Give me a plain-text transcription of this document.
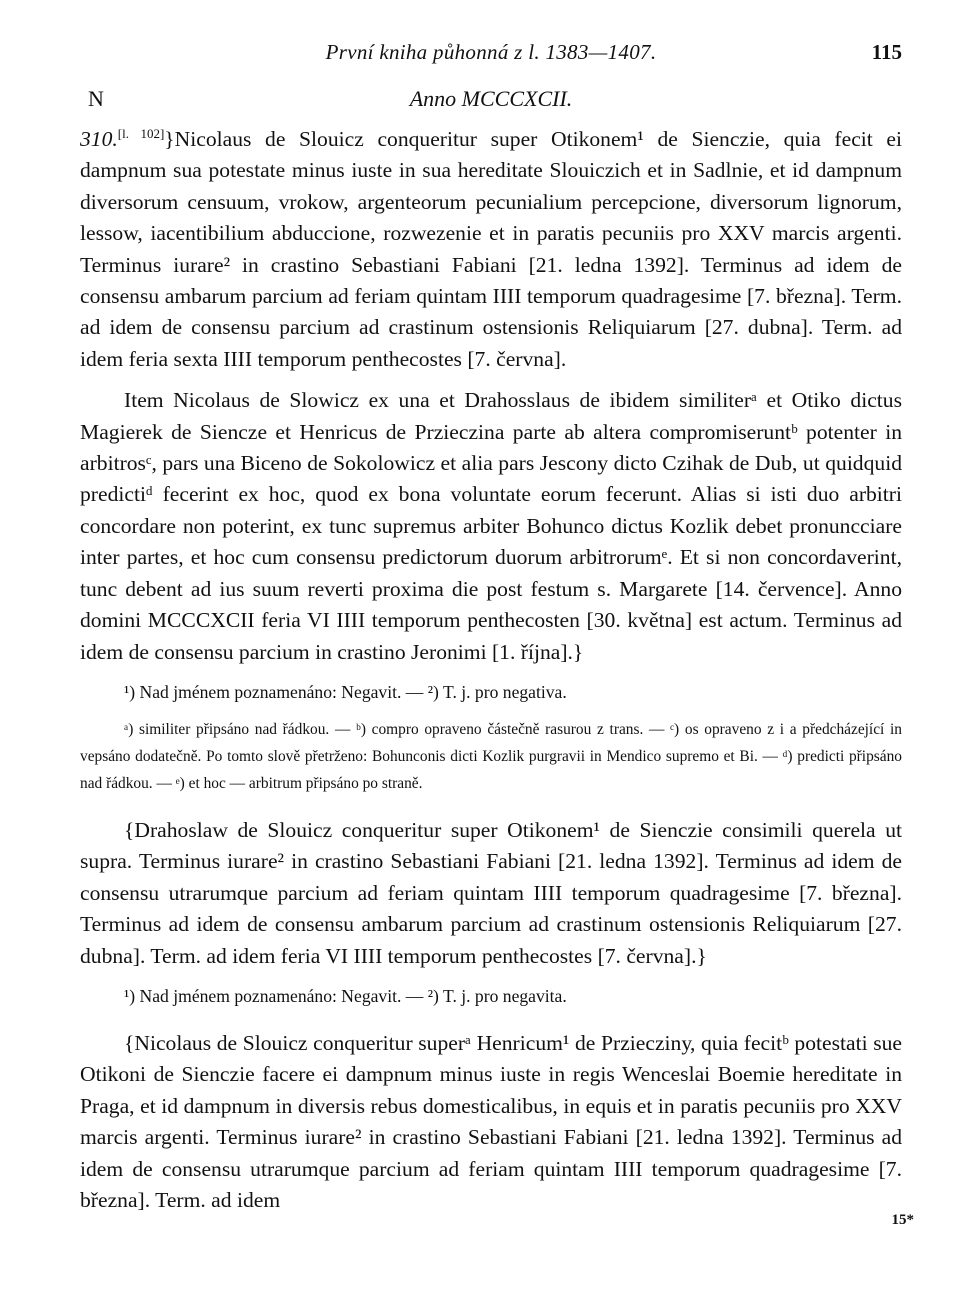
První kniha půhonná z l. 1383—1407.	115
N	Anno MCCCXCII.

310.[l. 102]}Nicolaus de Slouicz conqueritur super Otikonem¹ de Sienczie, quia fecit ei dampnum sua potestate minus iuste in sua hereditate Slouiczich et in Sadlnie, et id dampnum diversorum censuum, vrokow, argenteorum pecunialium percepcione, diversorum lignorum, lessow, iacentibilium abduccione, rozwezenie et in paratis pecuniis pro XXV marcis argenti. Terminus iurare² in crastino Sebastiani Fabiani [21. ledna 1392]. Terminus ad idem de consensu ambarum parcium ad feriam quintam IIII temporum quadragesime [7. března]. Term. ad idem de consensu parcium ad crastinum ostensionis Reliquiarum [27. dubna]. Term. ad idem feria sexta IIII temporum penthecostes [7. června].

Item Nicolaus de Slowicz ex una et Drahosslaus de ibidem similiterᵃ et Otiko dictus Magierek de Siencze et Henricus de Przieczina parte ab altera compromiseruntᵇ potenter in arbitrosᶜ, pars una Biceno de Sokolowicz et alia pars Jescony dicto Czihak de Dub, ut quidquid predictiᵈ fecerint ex hoc, quod ex bona voluntate eorum fecerunt. Alias si isti duo arbitri concordare non poterint, ex tunc supremus arbiter Bohunco dictus Kozlik debet pronuncciare inter partes, et hoc cum consensu predictorum duorum arbitrorumᵉ. Et si non concordaverint, tunc debent ad ius suum reverti proxima die post festum s. Margarete [14. července]. Anno domini MCCCXCII feria VI IIII temporum penthecosten [30. května] est actum. Terminus ad idem de consensu parcium in crastino Jeronimi [1. října].}

¹) Nad jménem poznamenáno: Negavit. — ²) T. j. pro negativa.

ᵃ) similiter připsáno nad řádkou. — ᵇ) compro opraveno částečně rasurou z trans. — ᶜ) os opraveno z i a předcházející in vepsáno dodatečně. Po tomto slově přetrženo: Bohunconis dicti Kozlik purgravii in Mendico supremo et Bi. — ᵈ) predicti připsáno nad řádkou. — ᵉ) et hoc — arbitrum připsáno po straně.

{Drahoslaw de Slouicz conqueritur super Otikonem¹ de Sienczie consimili querela ut supra. Terminus iurare² in crastino Sebastiani Fabiani [21. ledna 1392]. Terminus ad idem de consensu utrarumque parcium ad feriam quintam IIII temporum quadragesime [7. března]. Terminus ad idem de consensu ambarum parcium ad crastinum ostensionis Reliquiarum [27. dubna]. Term. ad idem feria VI IIII temporum penthecostes [7. června].}

¹) Nad jménem poznamenáno: Negavit. — ²) T. j. pro negavita.

{Nicolaus de Slouicz conqueritur superᵃ Henricum¹ de Przieczinу, quia fecitᵇ potestati sue Otikoni de Sienczie facere ei dampnum minus iuste in regis Wenceslai Boemie hereditate in Praga, et id dampnum in diversis rebus domesticalibus, in equis et in paratis pecuniis pro XXV marcis argenti. Terminus iurare² in crastino Sebastiani Fabiani [21. ledna 1392]. Terminus ad idem de consensu utrarumque parcium ad feriam quintam IIII temporum quadragesime [7. března]. Term. ad idem

15*
